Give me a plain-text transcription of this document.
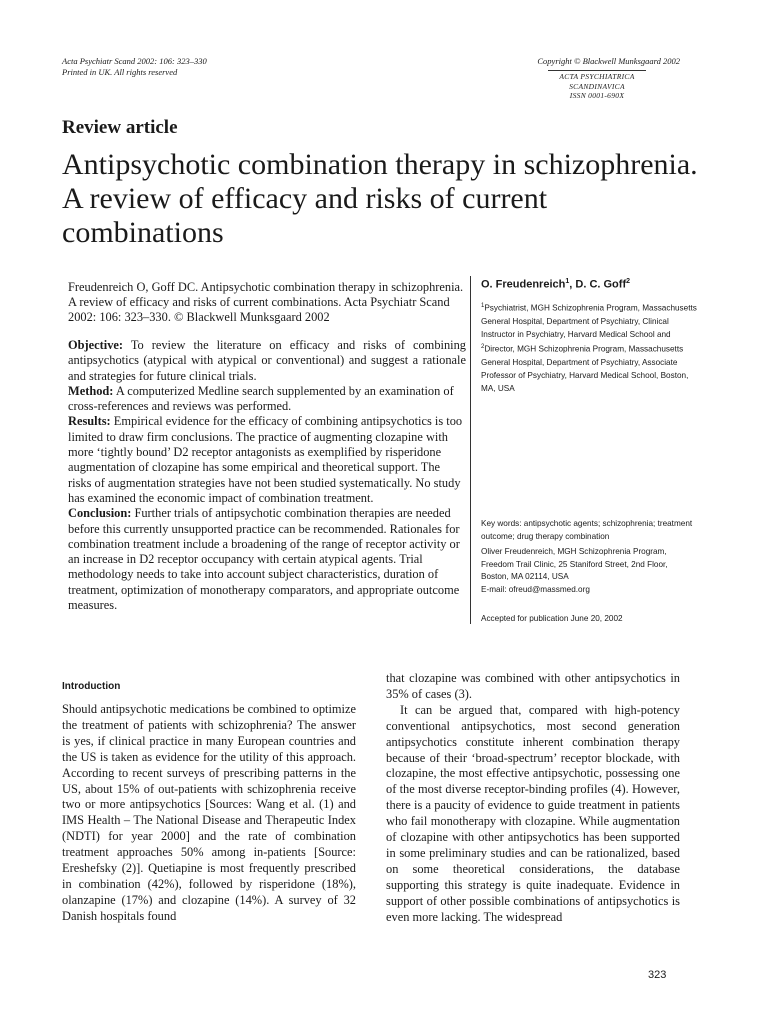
Acta Psychiatr Scand 2002: 106: 323–330
Printed in UK. All rights reserved
Copyright © Blackwell Munksgaard 2002
ACTA PSYCHIATRICA
SCANDINAVICA
ISSN 0001-690X
Review article
Antipsychotic combination therapy in schizophrenia. A review of efficacy and risks of current combinations
Freudenreich O, Goff DC. Antipsychotic combination therapy in schizophrenia. A review of efficacy and risks of current combinations. Acta Psychiatr Scand 2002: 106: 323–330. © Blackwell Munksgaard 2002

Objective: To review the literature on efficacy and risks of combining antipsychotics (atypical with atypical or conventional) and suggest a rationale and strategies for future clinical trials.

Method: A computerized Medline search supplemented by an examination of cross-references and reviews was performed.

Results: Empirical evidence for the efficacy of combining antipsychotics is too limited to draw firm conclusions. The practice of augmenting clozapine with more ‘tightly bound’ D2 receptor antagonists as exemplified by risperidone augmentation of clozapine has some empirical and theoretical support. The risks of augmentation strategies have not been studied systematically. No study has examined the economic impact of combination treatment.

Conclusion: Further trials of antipsychotic combination therapies are needed before this currently unsupported practice can be recommended. Rationales for combination treatment include a broadening of the range of receptor activity or an increase in D2 receptor occupancy with certain atypical agents. Trial methodology needs to take into account subject characteristics, duration of treatment, optimization of monotherapy comparators, and appropriate outcome measures.

O. Freudenreich$^1$, D. C. Goff$^2$
$^1$Psychiatrist, MGH Schizophrenia Program, Massachusetts General Hospital, Department of Psychiatry, Clinical Instructor in Psychiatry, Harvard Medical School and $^2$Director, MGH Schizophrenia Program, Massachusetts General Hospital, Department of Psychiatry, Associate Professor of Psychiatry, Harvard Medical School, Boston, MA, USA
Key words: antipsychotic agents; schizophrenia; treatment outcome; drug therapy combination
Oliver Freudenreich, MGH Schizophrenia Program,
Freedom Trail Clinic, 25 Staniford Street, 2nd Floor,
Boston, MA 02114, USA
E-mail: ofreud@massmed.org
Accepted for publication June 20, 2002
Introduction

Should antipsychotic medications be combined to optimize the treatment of patients with schizophrenia? The answer is yes, if clinical practice in many European countries and the US is taken as evidence for the utility of this approach. According to recent surveys of prescribing patterns in the US, about 15% of out-patients with schizophrenia receive two or more antipsychotics [Sources: Wang et al. (1) and IMS Health – The National Disease and Therapeutic Index (NDTI) for year 2000] and the rate of combination treatment approaches 50% among in-patients [Source: Ereshefsky (2)]. Quetiapine is most frequently prescribed in combination (42%), followed by risperidone (18%), olanzapine (17%) and clozapine (14%). A survey of 32 Danish hospitals found

that clozapine was combined with other antipsychotics in 35% of cases (3).

It can be argued that, compared with high-potency conventional antipsychotics, most second generation antipsychotics constitute inherent combination therapy because of their ‘broad-spectrum’ receptor blockade, with clozapine, the most effective antipsychotic, possessing one of the most diverse receptor-binding profiles (4). However, there is a paucity of evidence to guide treatment in patients who fail monotherapy with clozapine. While augmentation of clozapine with other antipsychotics has been supported in some preliminary studies and can be rationalized, based on some theoretical considerations, the database supporting this strategy is quite inadequate. Evidence in support of other possible combinations of antipsychotics is even more lacking. The widespread

323
